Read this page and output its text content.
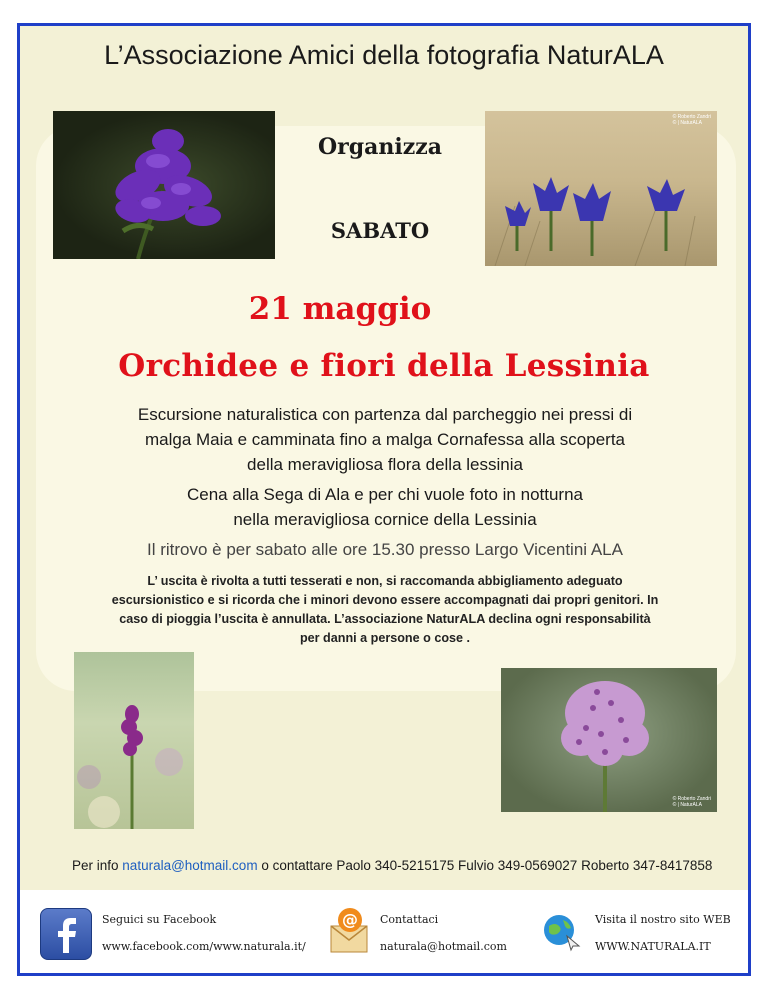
L’Associazione Amici della fotografia NaturALA
© Roberto Zandri
© | NaturALA
Organizza
SABATO
21 maggio
Orchidee e fiori della Lessinia
Escursione naturalistica con partenza dal parcheggio nei pressi di
malga Maia e camminata fino a malga Cornafessa alla scoperta
della meravigliosa flora della lessinia
Cena alla Sega di Ala e per chi vuole foto in notturna
nella meravigliosa cornice della Lessinia
Il ritrovo è per sabato alle ore 15.30 presso Largo Vicentini ALA
L’ uscita è rivolta a tutti tesserati e non, si raccomanda abbigliamento adeguato
escursionistico e si ricorda che i minori devono essere accompagnati dai propri genitori. In
caso di pioggia l’uscita è annullata. L’associazione NaturALA declina ogni responsabilità
per danni a persone o cose .
© Roberto Zandri
© | NaturALA
Per info naturala@hotmail.com o contattare Paolo 340-5215175 Fulvio 349-0569027 Roberto 347-8417858
Seguici su Facebook
www.facebook.com/www.naturala.it/
@ Contattaci
naturala@hotmail.com
Visita il nostro sito WEB
WWW.NATURALA.IT
